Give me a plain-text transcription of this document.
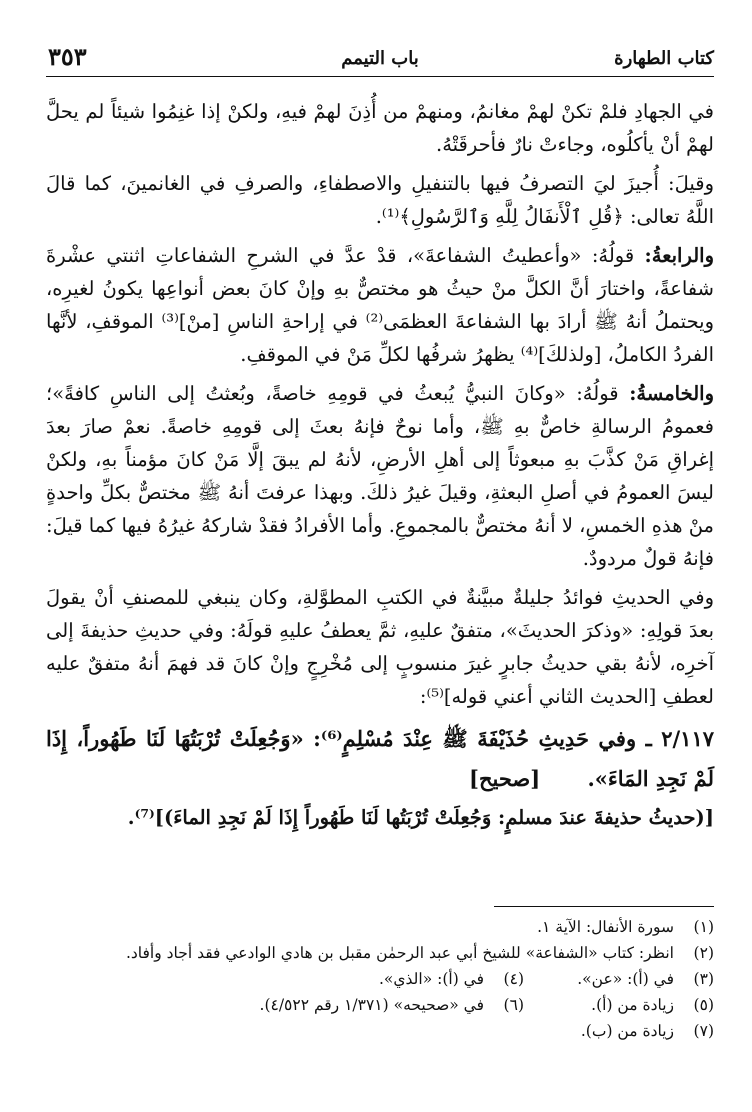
كتاب الطهارة
باب التيمم
٣٥٣

في الجهادِ فلمْ تكنْ لهمْ مغانمُ، ومنهمْ من أُذِنَ لهمْ فيهِ، ولكنْ إذا غنِمُوا شيئاً لم يحلَّ لهمْ أنْ يأكلُوه، وجاءتْ نارٌ فأحرقَتْهُ.

وقيلَ: أُجيزَ ليَ التصرفُ فيها بالتنفيلِ والاصطفاءِ، والصرفِ في الغانمينَ، كما قالَ اللَّهُ تعالى: ﴿قُلِ ٱلْأَنفَالُ لِلَّهِ وَٱلرَّسُولِ﴾⁽¹⁾.

والرابعةُ: قولُهُ: «وأعطيتُ الشفاعةَ»، قدْ عدَّ في الشرحِ الشفاعاتِ اثنتي عشْرةَ شفاعةً، واختارَ أنَّ الكلَّ منْ حيثُ هو مختصٌّ بهِ وإنْ كانَ بعض أنواعِها يكونُ لغيرِه، ويحتملُ أنهُ ﷺ أرادَ بها الشفاعةَ العظمَى⁽²⁾ في إراحةِ الناسِ [منْ]⁽³⁾ الموقفِ، لأنَّها الفردُ الكاملُ، [ولذلكَ]⁽⁴⁾ يظهرُ شرفُها لكلِّ مَنْ في الموقفِ.

والخامسةُ: قولُهُ: «وكانَ النبيُّ يُبعثُ في قومِهِ خاصةً، وبُعثتُ إلى الناسِ كافةً»؛ فعمومُ الرسالةِ خاصٌّ بهِ ﷺ، وأما نوحٌ فإنهُ بعثَ إلى قومِهِ خاصةً. نعمْ صارَ بعدَ إغراقِ مَنْ كذَّبَ بهِ مبعوثاً إلى أهلِ الأرضِ، لأنهُ لم يبقَ إلَّا مَنْ كانَ مؤمناً بهِ، ولكنْ ليسَ العمومُ في أصلِ البعثةِ، وقيلَ غيرُ ذلكَ. وبهذا عرفتَ أنهُ ﷺ مختصٌّ بكلِّ واحدةٍ منْ هذهِ الخمسِ، لا أنهُ مختصٌّ بالمجموعِ. وأما الأفرادُ فقدْ شاركهُ غيرُهُ فيها كما قيلَ: فإنهُ قولٌ مردودٌ.

وفي الحديثِ فوائدُ جليلةٌ مبيَّنةٌ في الكتبِ المطوَّلةِ، وكان ينبغي للمصنفِ أنْ يقولَ بعدَ قولِهِ: «وذكرَ الحديثَ»، متفقٌ عليهِ، ثمَّ يعطفُ عليهِ قولَهُ: وفي حديثِ حذيفةَ إلى آخرِه، لأنهُ بقي حديثُ جابرٍ غيرَ منسوبٍ إلى مُخْرِجٍ وإنْ كانَ قد فهمَ أنهُ متفقٌ عليه لعطفِ [الحديث الثاني أعني قوله]⁽⁵⁾:

٢/١١٧ ـ وفي حَدِيثِ حُذَيْفَةَ ﷺ عِنْدَ مُسْلِمٍ⁽⁶⁾: «وَجُعِلَتْ تُرْبَتُهَا لَنَا طَهُوراً، إِذَا لَمْ نَجِدِ المَاءَ». [صحيح]
[(حديثُ حذيفةَ عندَ مسلمٍ: وَجُعِلَتْ تُرْبَتُها لَنَا طَهُوراً إِذَا لَمْ نَجِدِ الماءَ)]⁽⁷⁾.
(١)سورة الأنفال: الآية ١.
(٢)انظر: كتاب «الشفاعة» للشيخ أبي عبد الرحمٰن مقبل بن هادي الوادعي فقد أجاد وأفاد.
(٣)في (أ): «عن».
(٤)في (أ): «الذي».
(٥)زيادة من (أ).
(٦)في «صحيحه» (١/٣٧١ رقم ٤/٥٢٢).
(٧)زيادة من (ب).
